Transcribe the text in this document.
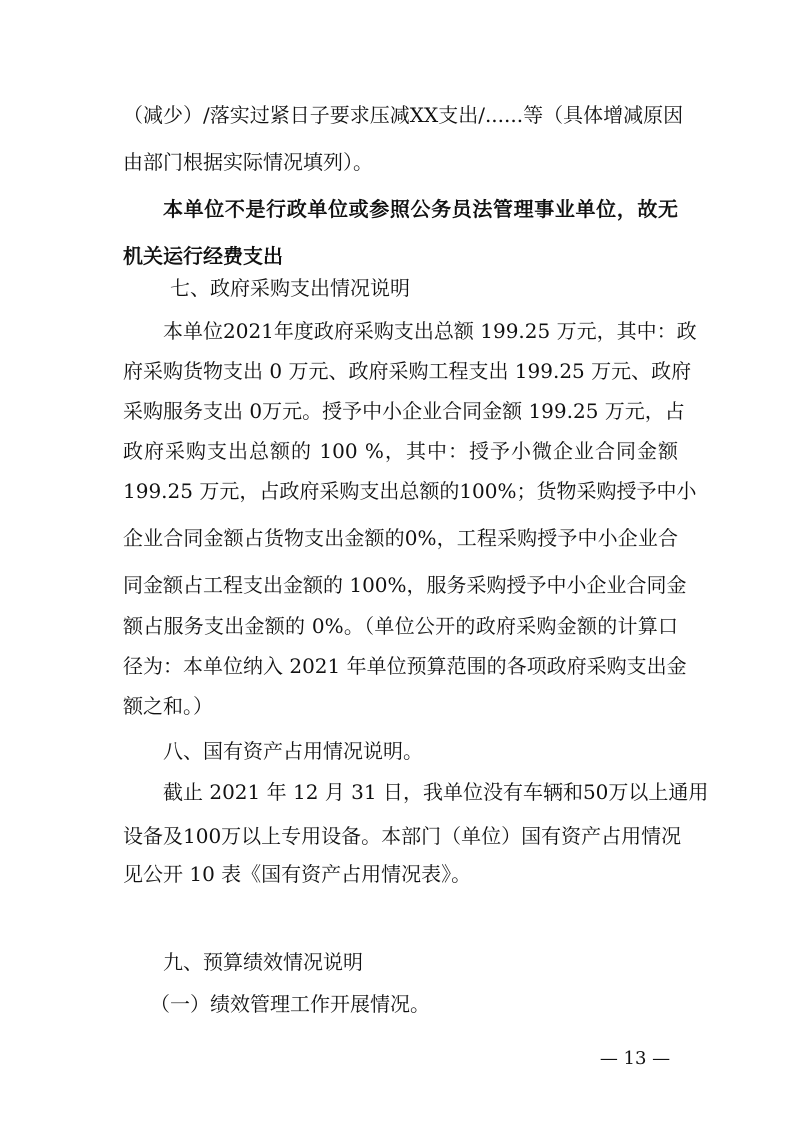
（减少）/落实过紧日子要求压减XX支出/......等（具体增减原因
由部门根据实际情况填列）。
本单位不是行政单位或参照公务员法管理事业单位，故无
机关运行经费支出
七、政府采购支出情况说明
本单位2021年度政府采购支出总额 199.25 万元，其中：政
府采购货物支出 0 万元、政府采购工程支出 199.25 万元、政府
采购服务支出 0万元。授予中小企业合同金额 199.25 万元，占
政府采购支出总额的 100 %，其中：授予小微企业合同金额
199.25 万元，占政府采购支出总额的100%；货物采购授予中小
企业合同金额占货物支出金额的0%，工程采购授予中小企业合
同金额占工程支出金额的 100%，服务采购授予中小企业合同金
额占服务支出金额的 0%。（单位公开的政府采购金额的计算口
径为：本单位纳入 2021 年单位预算范围的各项政府采购支出金
额之和。）
八、国有资产占用情况说明。
截止 2021 年 12 月 31 日，我单位没有车辆和50万以上通用
设备及100万以上专用设备。本部门（单位）国有资产占用情况
见公开 10 表《国有资产占用情况表》。
九、预算绩效情况说明
（一）绩效管理工作开展情况。
— 13 —
